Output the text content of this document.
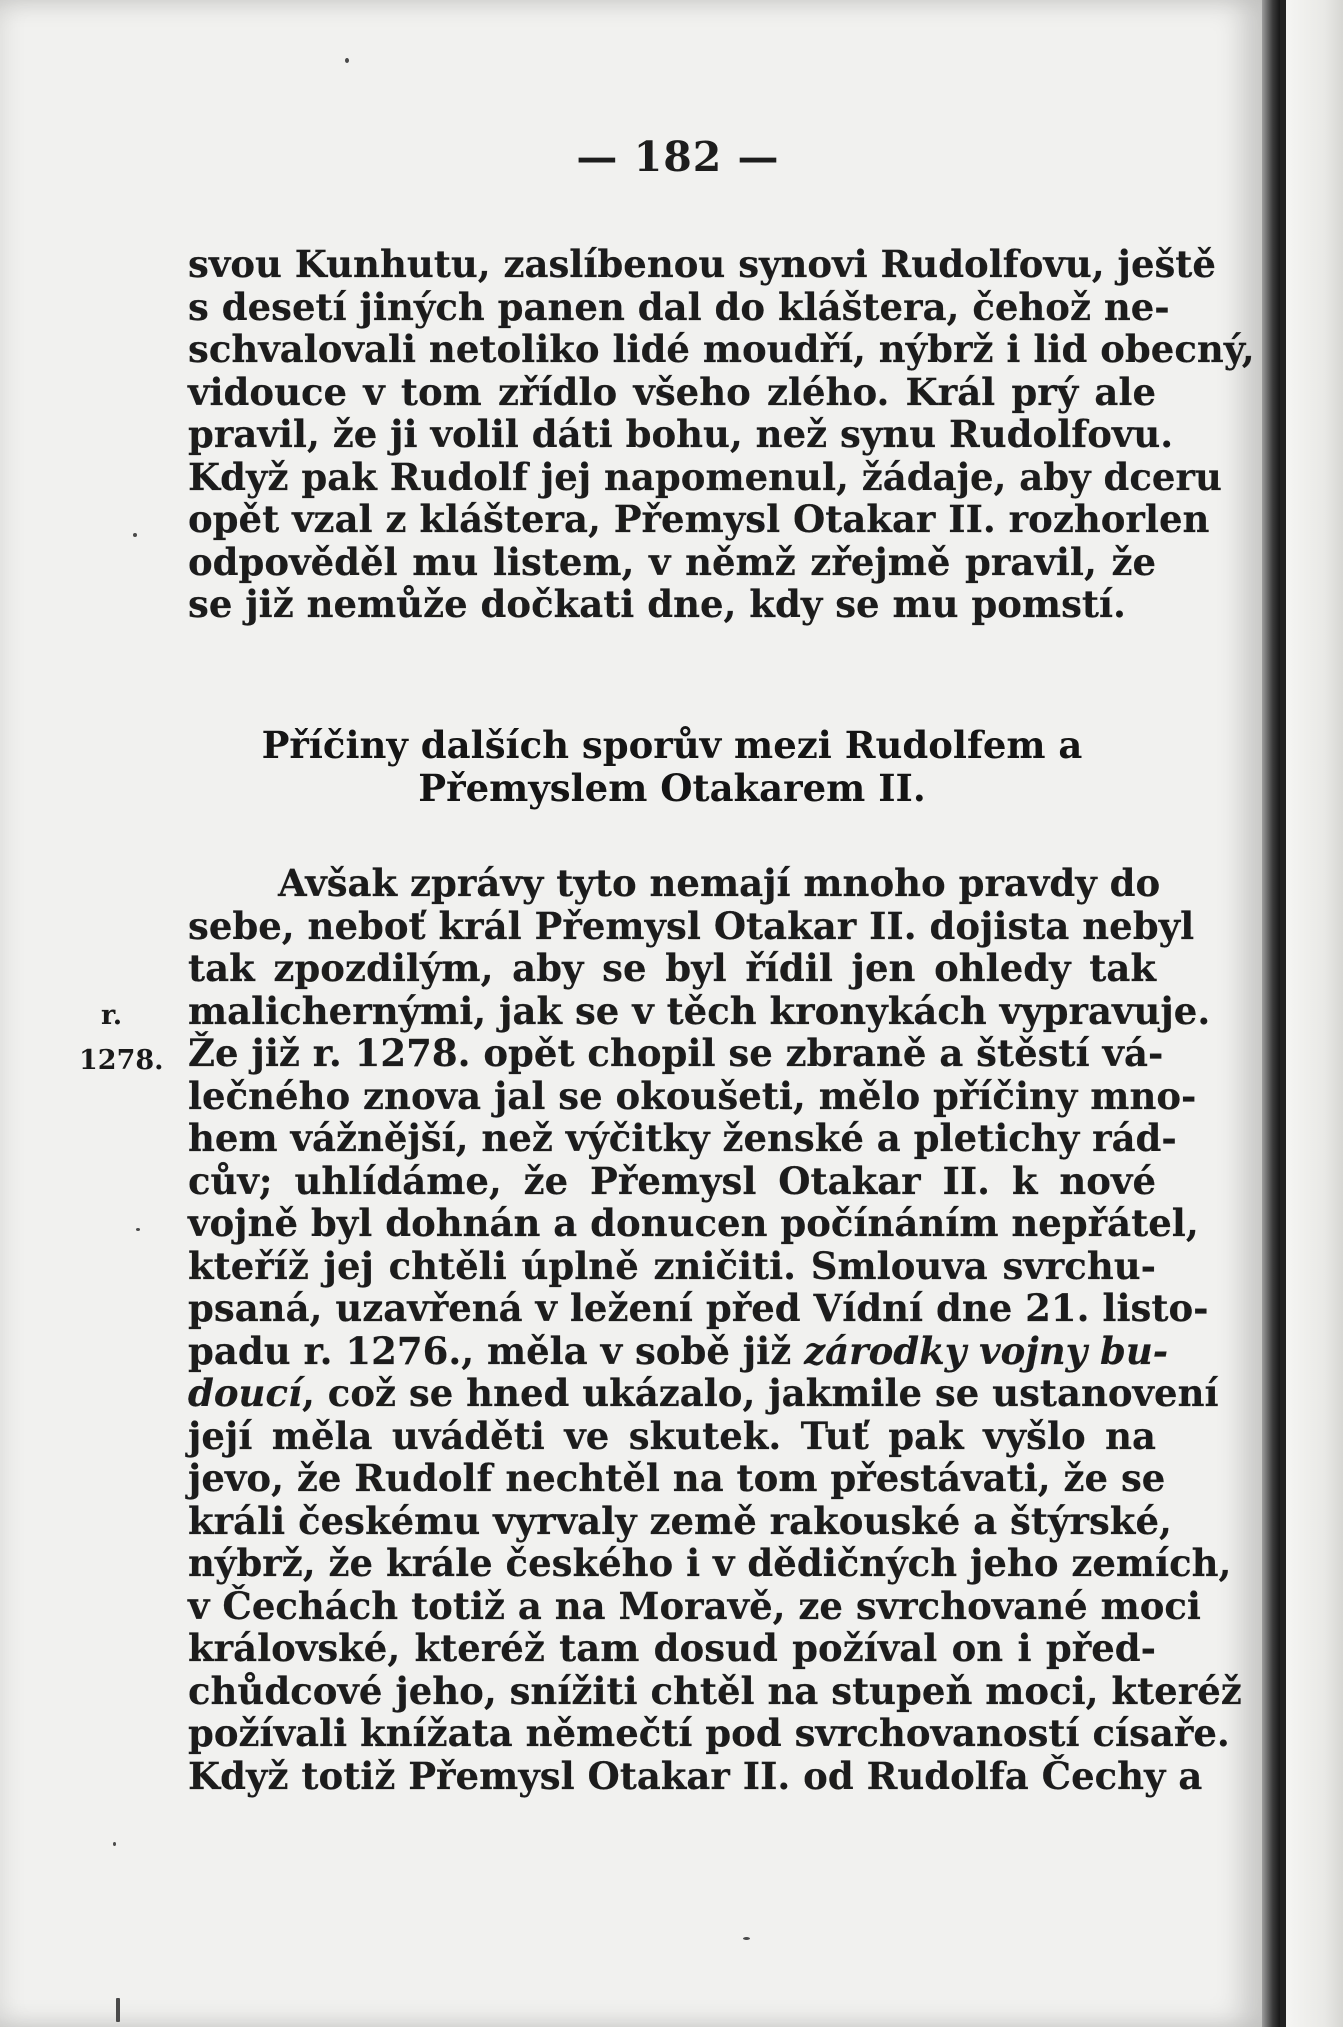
— 182 —
svou Kunhutu, zaslíbenou synovi Rudolfovu, ještě
s desetí jiných panen dal do kláštera, čehož ne-
schvalovali netoliko lidé moudří, nýbrž i lid obecný,
vidouce v tom zřídlo všeho zlého. Král prý ale
pravil, že ji volil dáti bohu, než synu Rudolfovu.
Když pak Rudolf jej napomenul, žádaje, aby dceru
opět vzal z kláštera, Přemysl Otakar II. rozhorlen
odpověděl mu listem, v němž zřejmě pravil, že
se již nemůže dočkati dne, kdy se mu pomstí.
Příčiny dalších sporův mezi Rudolfem a
Přemyslem Otakarem II.
Avšak zprávy tyto nemají mnoho pravdy do
sebe, neboť král Přemysl Otakar II. dojista nebyl
tak zpozdilým, aby se byl řídil jen ohledy tak
malichernými, jak se v těch kronykách vypravuje.
Že již r. 1278. opět chopil se zbraně a štěstí vá-
lečného znova jal se okoušeti, mělo příčiny mno-
hem vážnější, než výčitky ženské a pletichy rád-
cův; uhlídáme, že Přemysl Otakar II. k nové
vojně byl dohnán a donucen počínáním nepřátel,
kteříž jej chtěli úplně zničiti. Smlouva svrchu-
psaná, uzavřená v ležení před Vídní dne 21. listo-
padu r. 1276., měla v sobě již zárodky vojny bu-
doucí, což se hned ukázalo, jakmile se ustanovení
její měla uváděti ve skutek. Tuť pak vyšlo na
jevo, že Rudolf nechtěl na tom přestávati, že se
králi českému vyrvaly země rakouské a štýrské,
nýbrž, že krále českého i v dědičných jeho zemích,
v Čechách totiž a na Moravě, ze svrchované moci
královské, kteréž tam dosud požíval on i před-
chůdcové jeho, snížiti chtěl na stupeň moci, kteréž
požívali knížata němečtí pod svrchovaností císaře.
Když totiž Přemysl Otakar II. od Rudolfa Čechy a
r.
1278.
